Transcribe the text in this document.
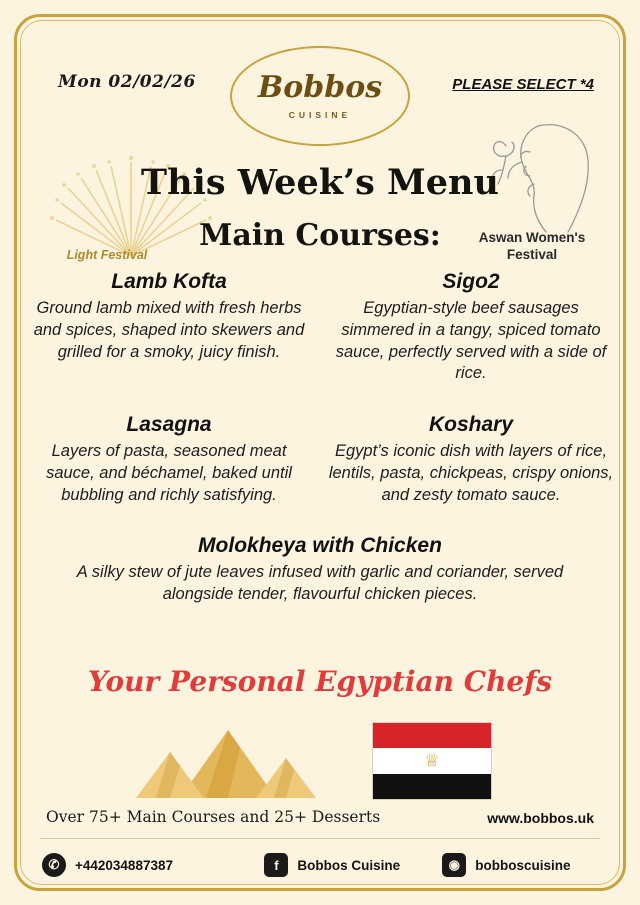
Light Festival
Aswan Women's Festival
Mon 02/02/26 Bobbos
CUISINE
PLEASE SELECT *4
This Week’s Menu
Main Courses:
Lamb Kofta
Ground lamb mixed with fresh herbs and spices, shaped into skewers and grilled for a smoky, juicy finish.
Sigo2
Egyptian-style beef sausages simmered in a tangy, spiced tomato sauce, perfectly served with a side of rice.
Lasagna
Layers of pasta, seasoned meat sauce, and béchamel, baked until bubbling and richly satisfying.
Koshary
Egypt’s iconic dish with layers of rice, lentils, pasta, chickpeas, crispy onions, and zesty tomato sauce.
Molokheya with Chicken
A silky stew of jute leaves infused with garlic and coriander, served alongside tender, flavourful chicken pieces.
Your Personal Egyptian Chefs
♕
Over 75+ Main Courses and 25+ Desserts	www.bobbos.uk
✆	+442034887387	f	Bobbos Cuisine	◉	bobboscuisine
